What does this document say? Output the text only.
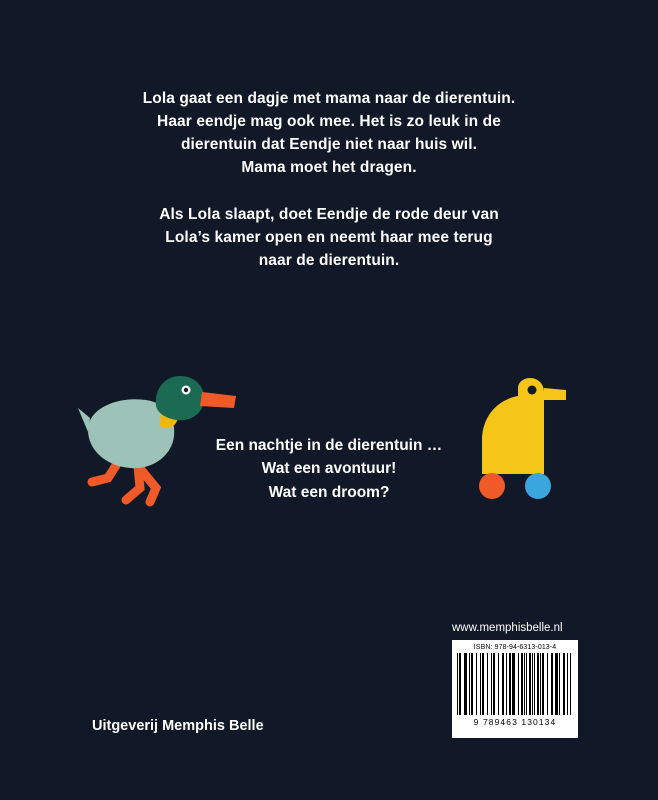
Lola gaat een dagje met mama naar de dierentuin.
Haar eendje mag ook mee. Het is zo leuk in de
dierentuin dat Eendje niet naar huis wil.
Mama moet het dragen.
Als Lola slaapt, doet Eendje de rode deur van
Lola’s kamer open en neemt haar mee terug
naar de dierentuin.
Een nachtje in de dierentuin …
Wat een avontuur!
Wat een droom?
www.memphisbelle.nl
ISBN: 978-94-6313-013-4
9 789463 130134
Uitgeverij Memphis Belle
